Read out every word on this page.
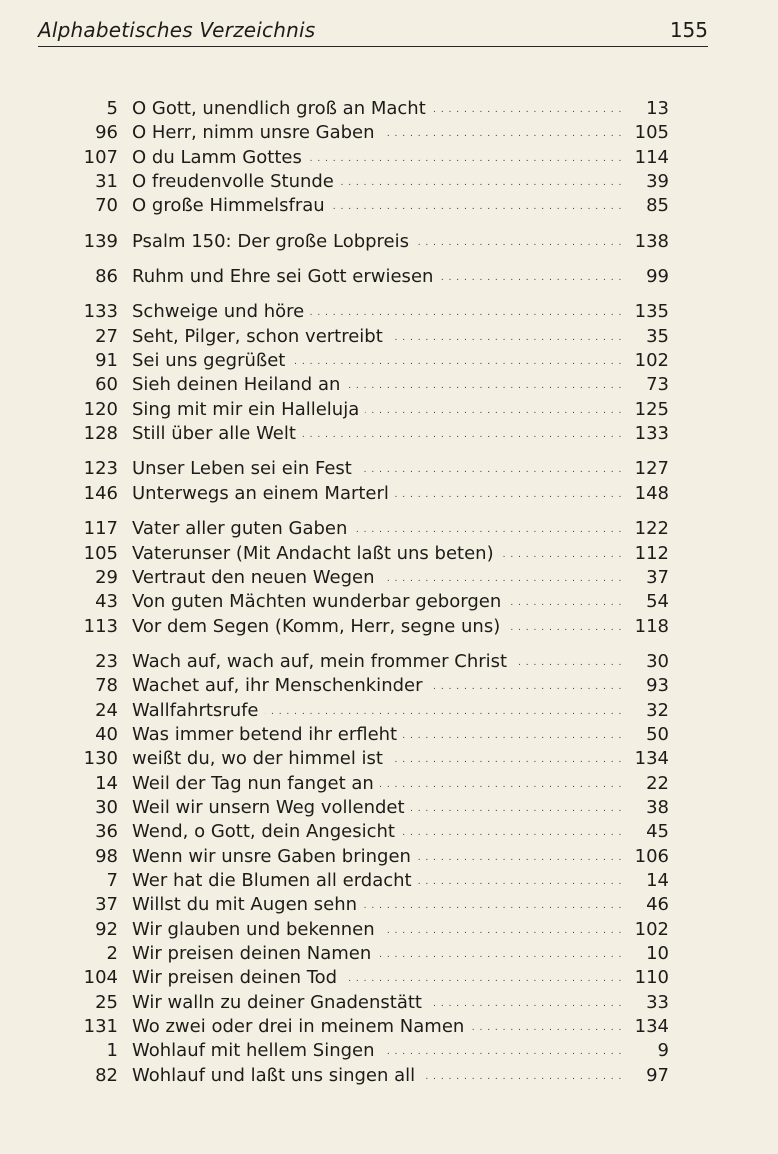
Alphabetisches Verzeichnis	155
5 O Gott, unendlich groß an Macht . . .	13
96 O Herr, nimm unsre Gaben . . .	105
107 O du Lamm Gottes . . .	114
31 O freudenvolle Stunde . . .	39
70 O große Himmelsfrau . . .	85
139 Psalm 150: Der große Lobpreis . . .	138
86 Ruhm und Ehre sei Gott erwiesen . . .	99
133 Schweige und höre . . .	135
27 Seht, Pilger, schon vertreibt . . .	35
91 Sei uns gegrüßet . . .	102
60 Sieh deinen Heiland an . . .	73
120 Sing mit mir ein Halleluja . . .	125
128 Still über alle Welt . . .	133
123 Unser Leben sei ein Fest . . .	127
146 Unterwegs an einem Marterl . . .	148
117 Vater aller guten Gaben . . .	122
105 Vaterunser (Mit Andacht laßt uns beten) . . .	112
29 Vertraut den neuen Wegen . . .	37
43 Von guten Mächten wunderbar geborgen . . .	54
113 Vor dem Segen (Komm, Herr, segne uns) . . .	118
23 Wach auf, wach auf, mein frommer Christ . . .	30
78 Wachet auf, ihr Menschenkinder . . .	93
24 Wallfahrtsrufe . . .	32
40 Was immer betend ihr erfleht . . .	50
130 weißt du, wo der himmel ist . . .	134
14 Weil der Tag nun fanget an . . .	22
30 Weil wir unsern Weg vollendet . . .	38
36 Wend, o Gott, dein Angesicht . . .	45
98 Wenn wir unsre Gaben bringen . . .	106
7 Wer hat die Blumen all erdacht . . .	14
37 Willst du mit Augen sehn . . .	46
92 Wir glauben und bekennen . . .	102
2 Wir preisen deinen Namen . . .	10
104 Wir preisen deinen Tod . . .	110
25 Wir walln zu deiner Gnadenstätt . . .	33
131 Wo zwei oder drei in meinem Namen . . .	134
1 Wohlauf mit hellem Singen . . .	9
82 Wohlauf und laßt uns singen all . . .	97
